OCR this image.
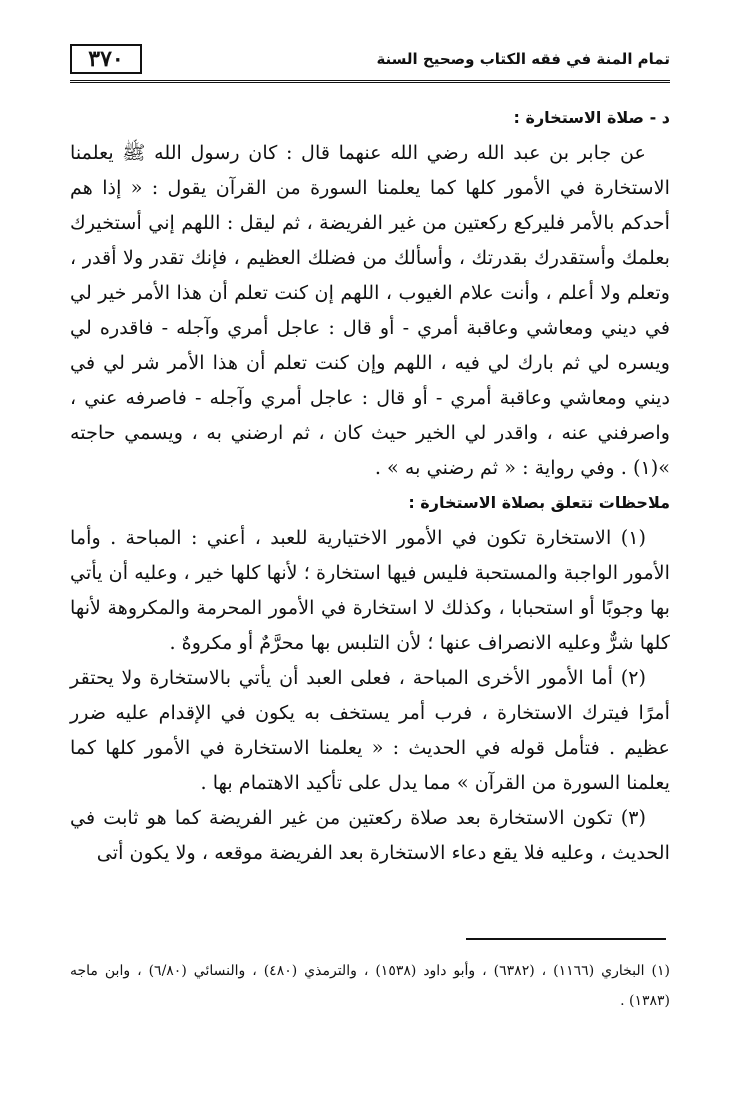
٣٧٠	تمام المنة في فقه الكتاب وصحيح السنة

د - صلاة الاستخارة :

عن جابر بن عبد الله رضي الله عنهما قال : كان رسول الله ﷺ يعلمنا الاستخارة في الأمور كلها كما يعلمنا السورة من القرآن يقول : « إذا هم أحدكم بالأمر فليركع ركعتين من غير الفريضة ، ثم ليقل : اللهم إني أستخيرك بعلمك وأستقدرك بقدرتك ، وأسألك من فضلك العظيم ، فإنك تقدر ولا أقدر ، وتعلم ولا أعلم ، وأنت علام الغيوب ، اللهم إن كنت تعلم أن هذا الأمر خير لي في ديني ومعاشي وعاقبة أمري - أو قال : عاجل أمري وآجله - فاقدره لي ويسره لي ثم بارك لي فيه ، اللهم وإن كنت تعلم أن هذا الأمر شر لي في ديني ومعاشي وعاقبة أمري - أو قال : عاجل أمري وآجله - فاصرفه عني ، واصرفني عنه ، واقدر لي الخير حيث كان ، ثم ارضني به ، ويسمي حاجته »(١) . وفي رواية : « ثم رضني به » .

ملاحظات تتعلق بصلاة الاستخارة :

(١) الاستخارة تكون في الأمور الاختيارية للعبد ، أعني : المباحة . وأما الأمور الواجبة والمستحبة فليس فيها استخارة ؛ لأنها كلها خير ، وعليه أن يأتي بها وجوبًا أو استحبابا ، وكذلك لا استخارة في الأمور المحرمة والمكروهة لأنها كلها شرٌّ وعليه الانصراف عنها ؛ لأن التلبس بها محرَّمٌ أو مكروهٌ .

(٢) أما الأمور الأخرى المباحة ، فعلى العبد أن يأتي بالاستخارة ولا يحتقر أمرًا فيترك الاستخارة ، فرب أمر يستخف به يكون في الإقدام عليه ضرر عظيم . فتأمل قوله في الحديث : « يعلمنا الاستخارة في الأمور كلها كما يعلمنا السورة من القرآن » مما يدل على تأكيد الاهتمام بها .

(٣) تكون الاستخارة بعد صلاة ركعتين من غير الفريضة كما هو ثابت في الحديث ، وعليه فلا يقع دعاء الاستخارة بعد الفريضة موقعه ، ولا يكون أتى

(١) البخاري (١١٦٦) ، (٦٣٨٢) ، وأبو داود (١٥٣٨) ، والترمذي (٤٨٠) ، والنسائي (٦/٨٠) ، وابن ماجه (١٣٨٣) .
